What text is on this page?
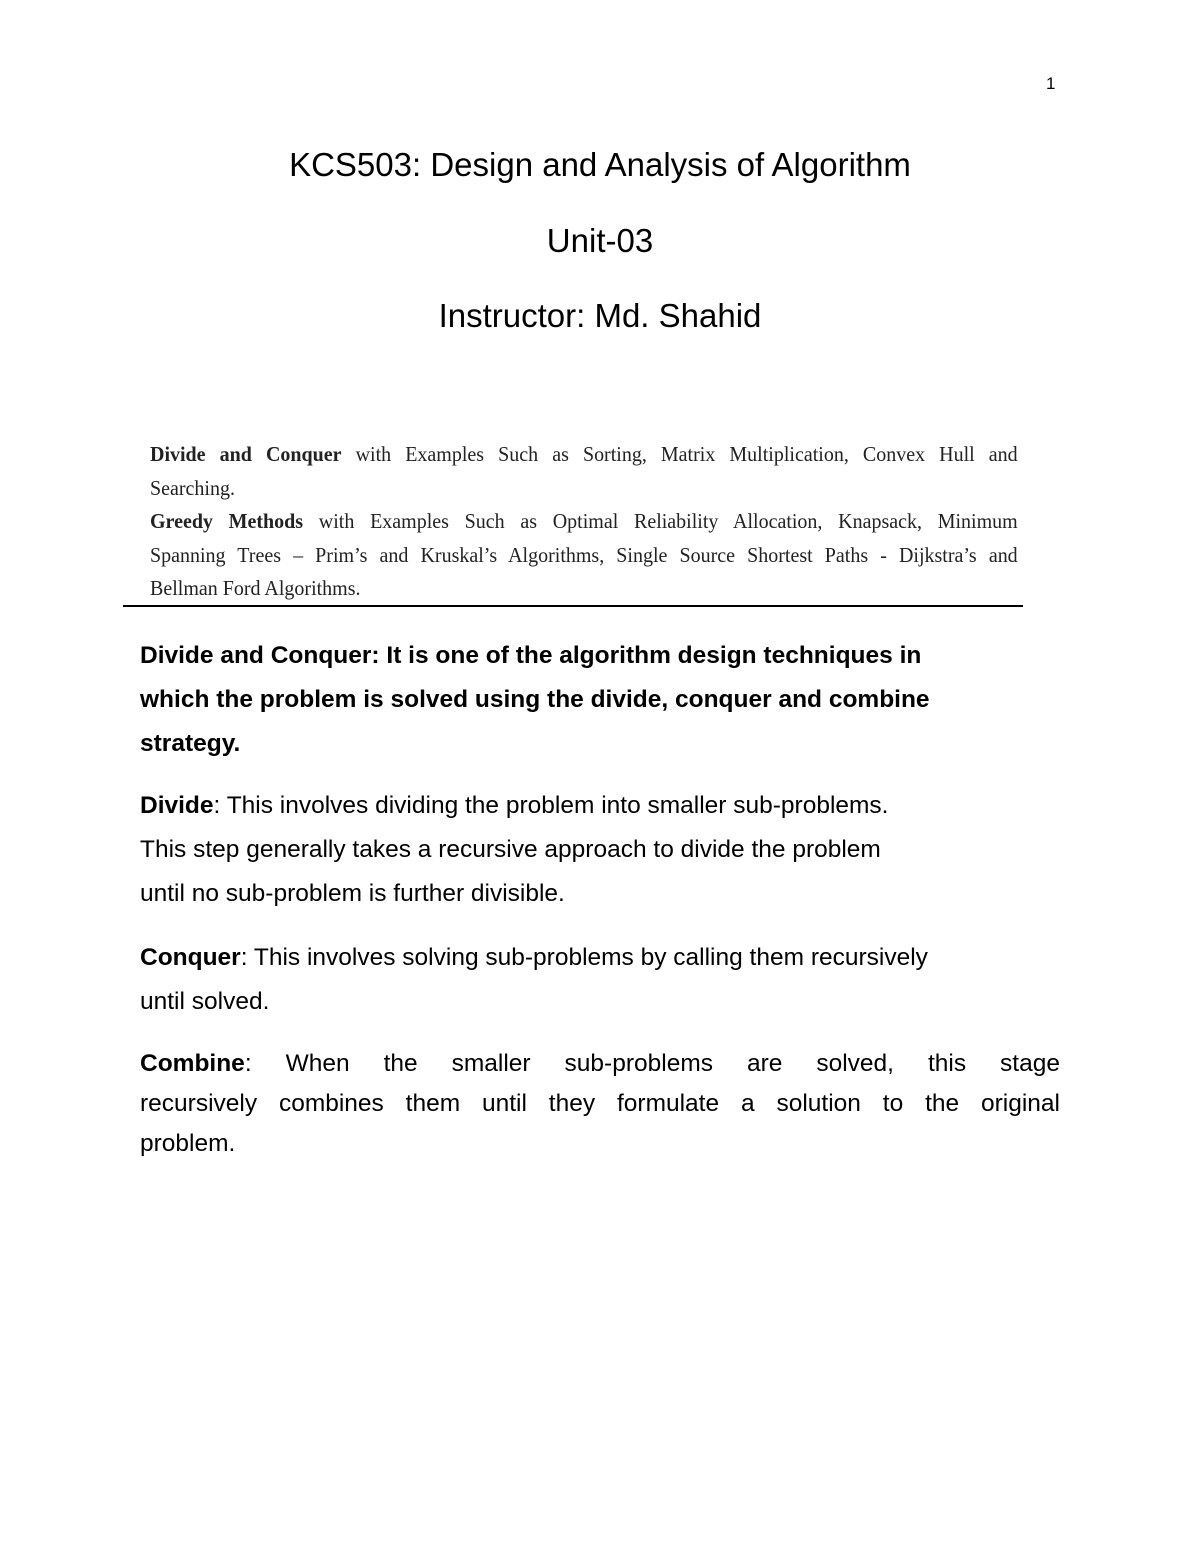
1
KCS503: Design and Analysis of Algorithm
Unit-03
Instructor: Md. Shahid
Divide and Conquer with Examples Such as Sorting, Matrix Multiplication, Convex Hull and
Searching.
Greedy Methods with Examples Such as Optimal Reliability Allocation, Knapsack, Minimum
Spanning Trees – Prim’s and Kruskal’s Algorithms, Single Source Shortest Paths - Dijkstra’s and
Bellman Ford Algorithms.
Divide and Conquer: It is one of the algorithm design techniques in
which the problem is solved using the divide, conquer and combine
strategy.
Divide: This involves dividing the problem into smaller sub-problems.
This step generally takes a recursive approach to divide the problem
until no sub-problem is further divisible.
Conquer: This involves solving sub-problems by calling them recursively
until solved.
Combine: When the smaller sub-problems are solved, this stage
recursively combines them until they formulate a solution to the original
problem.
